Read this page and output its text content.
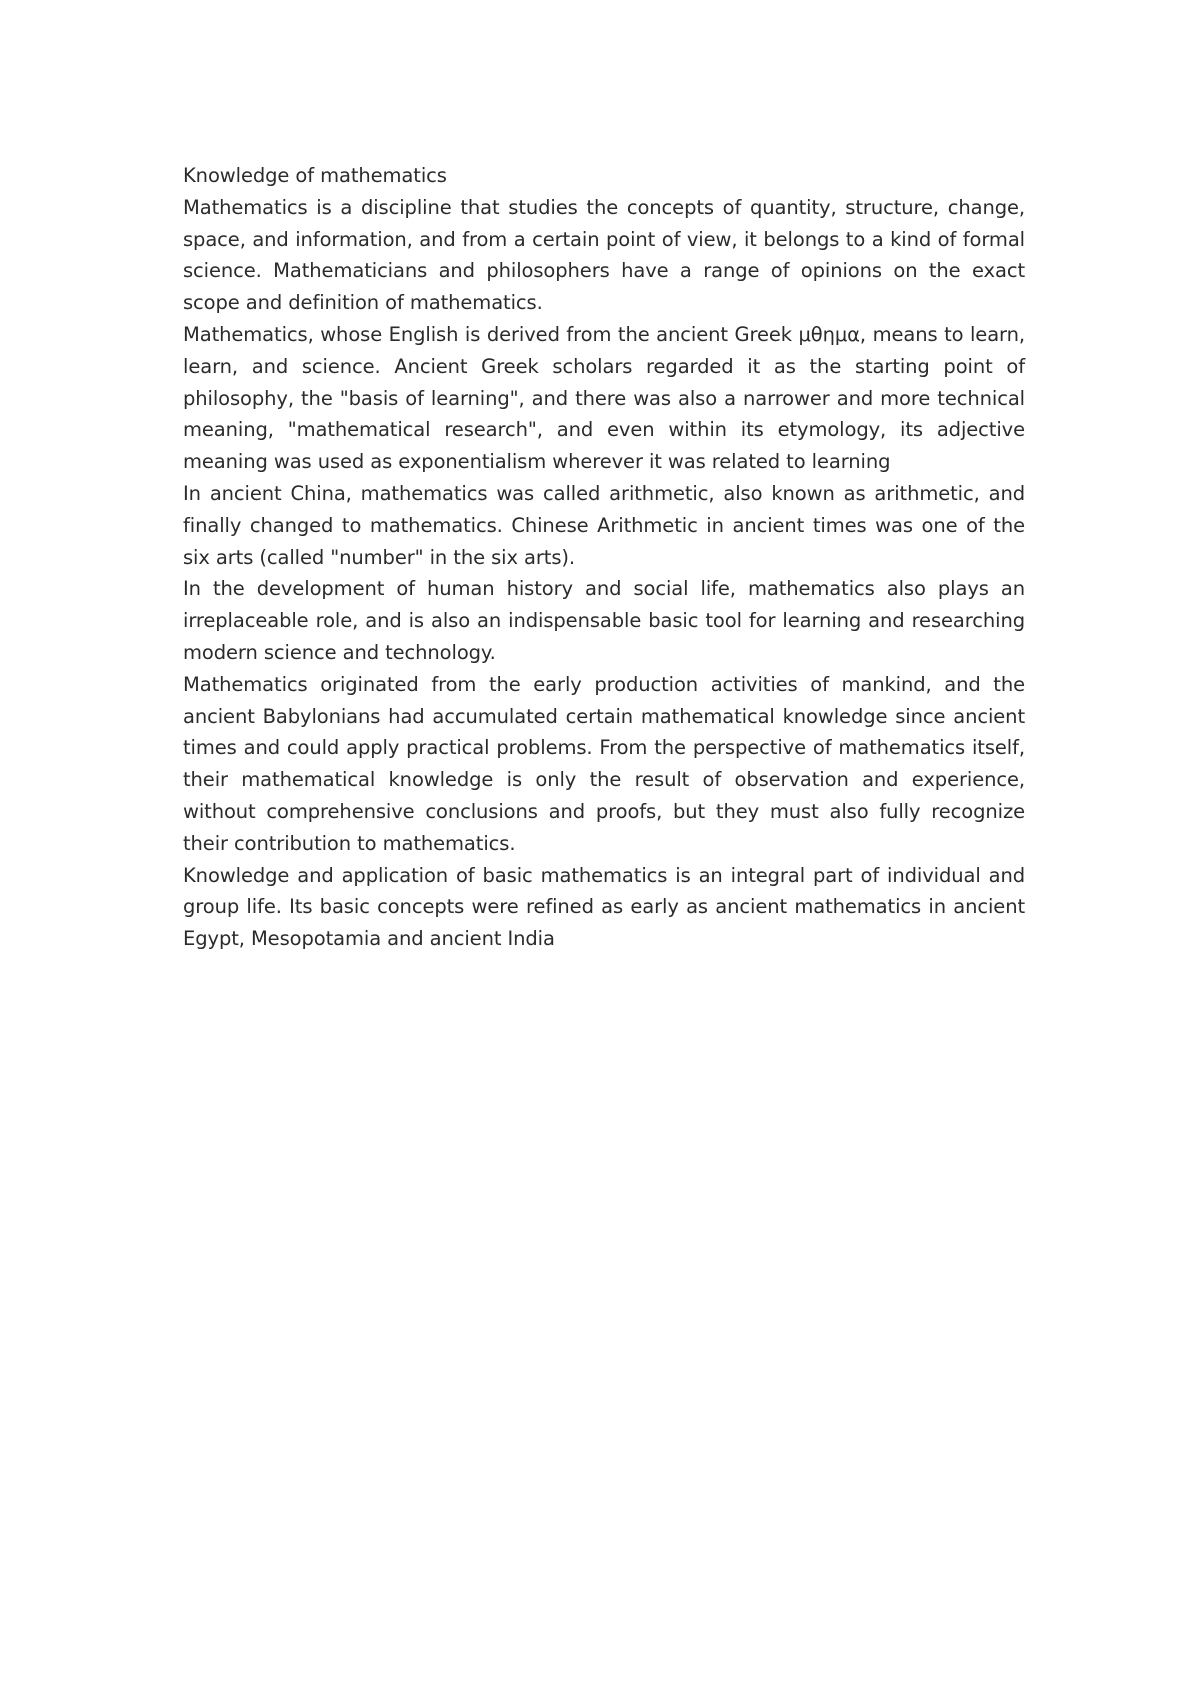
Knowledge of mathematics

Mathematics is a discipline that studies the concepts of quantity, structure, change, space, and information, and from a certain point of view, it belongs to a kind of formal science. Mathematicians and philosophers have a range of opinions on the exact scope and definition of mathematics.

Mathematics, whose English is derived from the ancient Greek μθημα, means to learn, learn, and science. Ancient Greek scholars regarded it as the starting point of philosophy, the "basis of learning", and there was also a narrower and more technical meaning, "mathematical research", and even within its etymology, its adjective meaning was used as exponentialism wherever it was related to learning

In ancient China, mathematics was called arithmetic, also known as arithmetic, and finally changed to mathematics. Chinese Arithmetic in ancient times was one of the six arts (called "number" in the six arts).

In the development of human history and social life, mathematics also plays an irreplaceable role, and is also an indispensable basic tool for learning and researching modern science and technology.

Mathematics originated from the early production activities of mankind, and the ancient Babylonians had accumulated certain mathematical knowledge since ancient times and could apply practical problems. From the perspective of mathematics itself, their mathematical knowledge is only the result of observation and experience, without comprehensive conclusions and proofs, but they must also fully recognize their contribution to mathematics.

Knowledge and application of basic mathematics is an integral part of individual and group life. Its basic concepts were refined as early as ancient mathematics in ancient Egypt, Mesopotamia and ancient India
